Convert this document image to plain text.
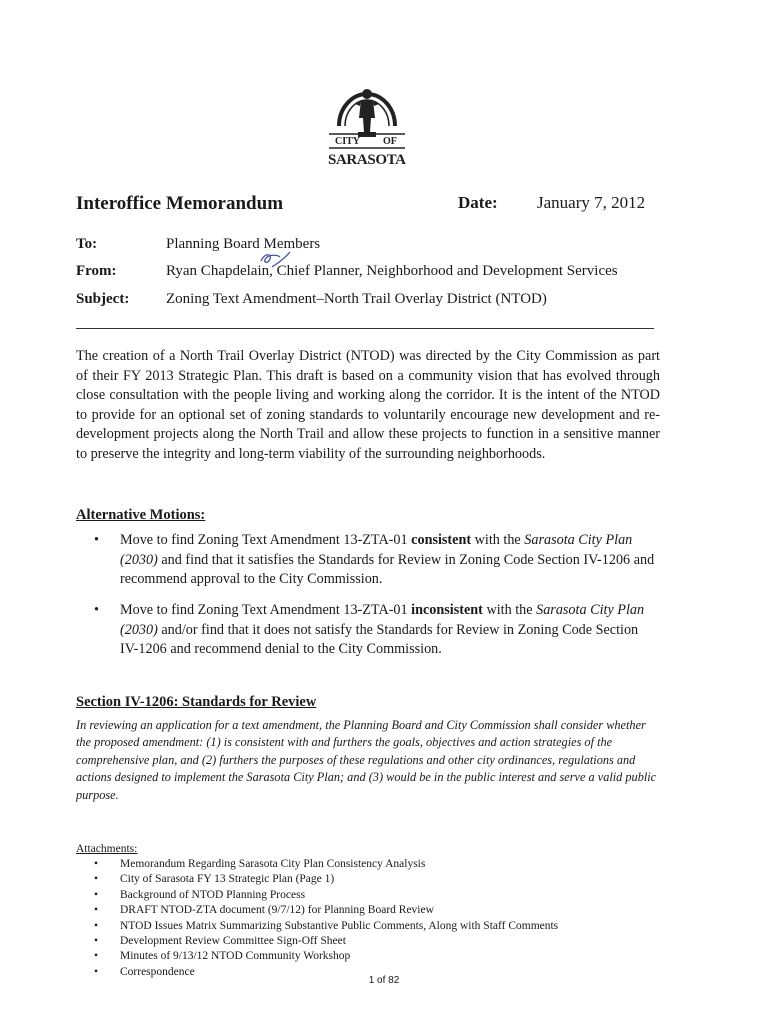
CITY OF
SARASOTA
Interoffice Memorandum	Date: January 7, 2012
To:	Planning Board Members
From:	Ryan Chapdelain, Chief Planner, Neighborhood and Development Services
Subject: Zoning Text Amendment–North Trail Overlay District (NTOD)

The creation of a North Trail Overlay District (NTOD) was directed by the City Commission as part of their FY 2013 Strategic Plan. This draft is based on a community vision that has evolved through close consultation with the people living and working along the corridor. It is the intent of the NTOD to provide for an optional set of zoning standards to voluntarily encourage new development and re-development projects along the North Trail and allow these projects to function in a sensitive manner to preserve the integrity and long-term viability of the surrounding neighborhoods.

Alternative Motions:
• Move to find Zoning Text Amendment 13-ZTA-01 consistent with the Sarasota City Plan (2030) and find that it satisfies the Standards for Review in Zoning Code Section IV-1206 and recommend approval to the City Commission.
• Move to find Zoning Text Amendment 13-ZTA-01 inconsistent with the Sarasota City Plan (2030) and/or find that it does not satisfy the Standards for Review in Zoning Code Section IV-1206 and recommend denial to the City Commission.
Section IV-1206: Standards for Review

In reviewing an application for a text amendment, the Planning Board and City Commission shall consider whether the proposed amendment: (1) is consistent with and furthers the goals, objectives and action strategies of the comprehensive plan, and (2) furthers the purposes of these regulations and other city ordinances, regulations and actions designed to implement the Sarasota City Plan; and (3) would be in the public interest and serve a valid public purpose.

Attachments:
• Memorandum Regarding Sarasota City Plan Consistency Analysis
• City of Sarasota FY 13 Strategic Plan (Page 1)
• Background of NTOD Planning Process
• DRAFT NTOD-ZTA document (9/7/12) for Planning Board Review
• NTOD Issues Matrix Summarizing Substantive Public Comments, Along with Staff Comments
• Development Review Committee Sign-Off Sheet
• Minutes of 9/13/12 NTOD Community Workshop
• Correspondence
1 of 82
